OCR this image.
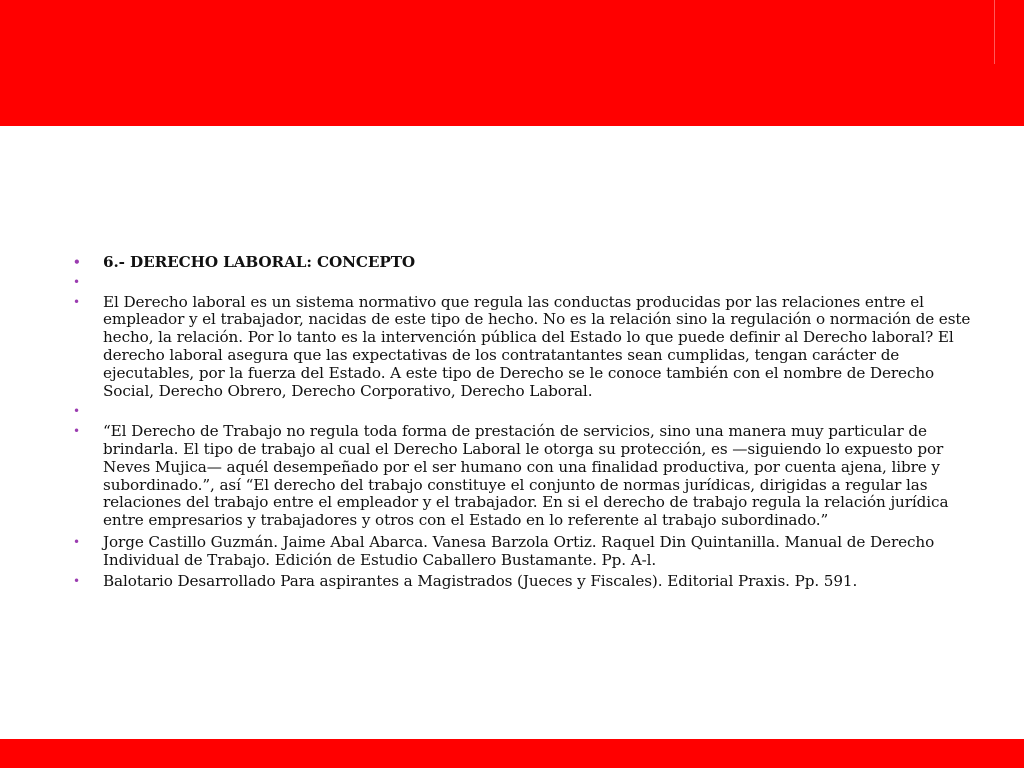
• 6.- DERECHO LABORAL: CONCEPTO
•
• El Derecho laboral es un sistema normativo que regula las conductas producidas por las relaciones entre el empleador y el trabajador, nacidas de este tipo de hecho. No es la relación sino la regulación o normación de este hecho, la relación. Por lo tanto es la intervención pública del Estado lo que puede definir al Derecho laboral? El derecho laboral asegura que las expectativas de los contratantantes sean cumplidas, tengan carácter de ejecutables, por la fuerza del Estado. A este tipo de Derecho se le conoce también con el nombre de Derecho Social, Derecho Obrero, Derecho Corporativo, Derecho Laboral.
•
• “El Derecho de Trabajo no regula toda forma de prestación de servicios, sino una manera muy particular de brindarla. El tipo de trabajo al cual el Derecho Laboral le otorga su protección, es —siguiendo lo expuesto por Neves Mujica— aquél desempeñado por el ser humano con una finalidad productiva, por cuenta ajena, libre y subordinado.”, así “El derecho del trabajo constituye el conjunto de normas jurídicas, dirigidas a regular las relaciones del trabajo entre el empleador y el trabajador. En si el derecho de trabajo regula la relación jurídica entre empresarios y trabajadores y otros con el Estado en lo referente al trabajo subordinado.”
• Jorge Castillo Guzmán. Jaime Abal Abarca. Vanesa Barzola Ortiz. Raquel Din Quintanilla. Manual de Derecho Individual de Trabajo. Edición de Estudio Caballero Bustamante. Pp. A-l.
• Balotario Desarrollado Para aspirantes a Magistrados (Jueces y Fiscales). Editorial Praxis. Pp. 591.
